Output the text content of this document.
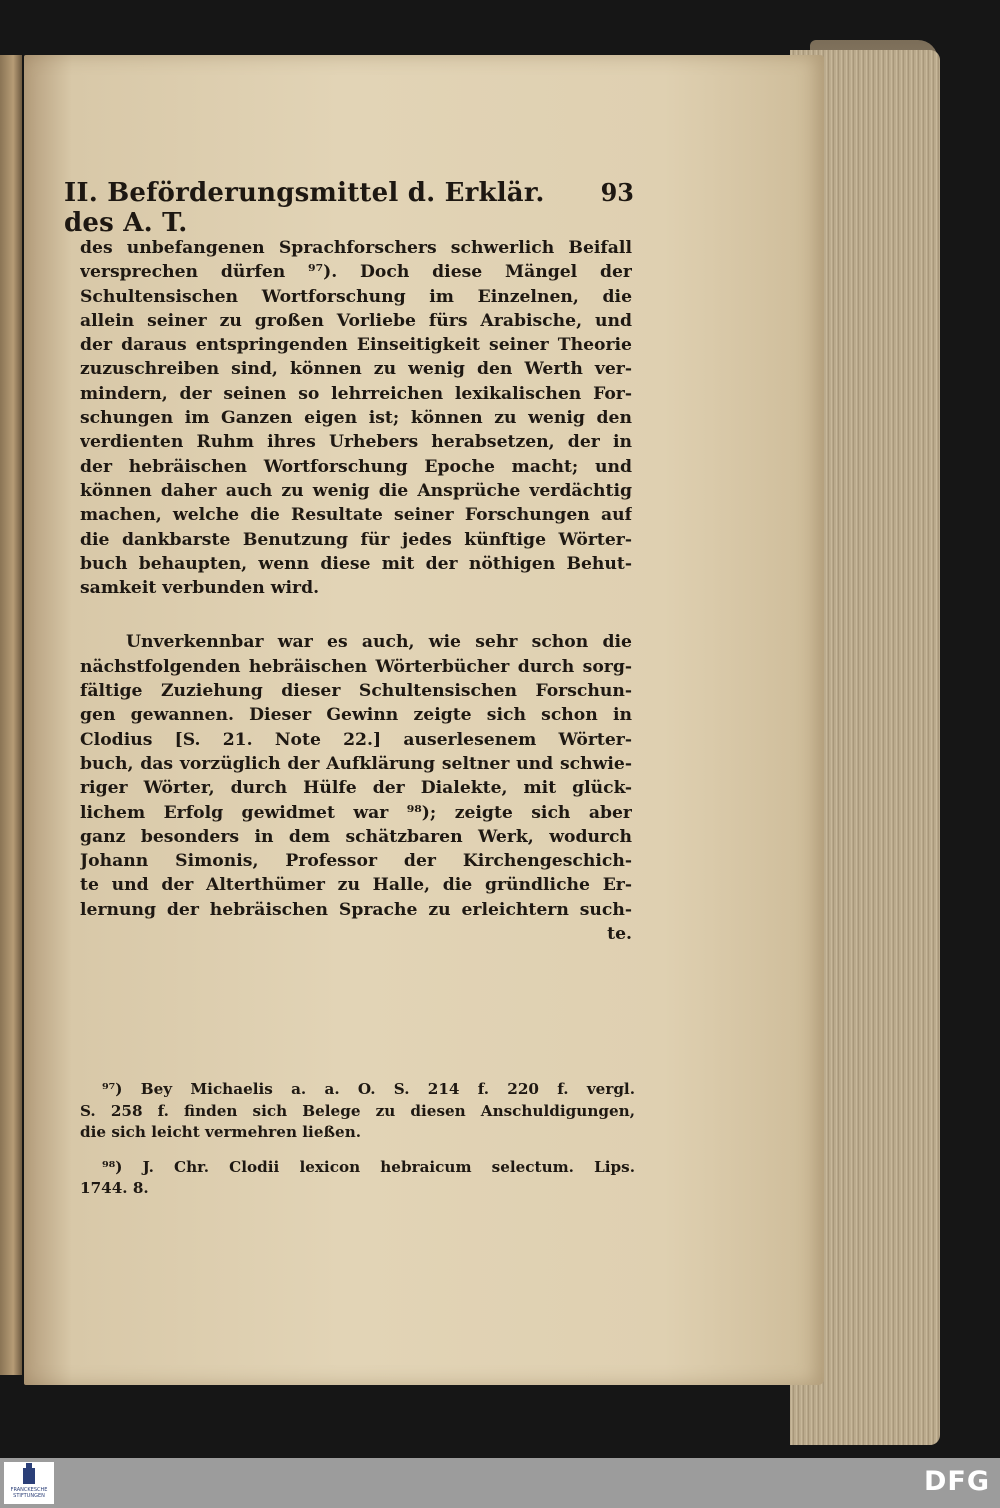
II. Beförderungsmittel d. Erklär. des A. T.
93
des unbefangenen Sprachforschers schwerlich Beifall
versprechen dürfen ⁹⁷). Doch diese Mängel der
Schultensischen Wortforschung im Einzelnen, die
allein seiner zu großen Vorliebe fürs Arabische, und
der daraus entspringenden Einseitigkeit seiner Theorie
zuzuschreiben sind, können zu wenig den Werth ver-
mindern, der seinen so lehrreichen lexikalischen For-
schungen im Ganzen eigen ist; können zu wenig den
verdienten Ruhm ihres Urhebers herabsetzen, der in
der hebräischen Wortforschung Epoche macht; und
können daher auch zu wenig die Ansprüche verdächtig
machen, welche die Resultate seiner Forschungen auf
die dankbarste Benutzung für jedes künftige Wörter-
buch behaupten, wenn diese mit der nöthigen Behut-
samkeit verbunden wird.
Unverkennbar war es auch, wie sehr schon die
nächstfolgenden hebräischen Wörterbücher durch sorg-
fältige Zuziehung dieser Schultensischen Forschun-
gen gewannen. Dieser Gewinn zeigte sich schon in
Clodius [S. 21. Note 22.] auserlesenem Wörter-
buch, das vorzüglich der Aufklärung seltner und schwie-
riger Wörter, durch Hülfe der Dialekte, mit glück-
lichem Erfolg gewidmet war ⁹⁸); zeigte sich aber
ganz besonders in dem schätzbaren Werk, wodurch
Johann Simonis, Professor der Kirchengeschich-
te und der Alterthümer zu Halle, die gründliche Er-
lernung der hebräischen Sprache zu erleichtern such-
te.
⁹⁷) Bey Michaelis a. a. O. S. 214 f. 220 f. vergl.
S. 258 f. finden sich Belege zu diesen Anschuldigungen,
die sich leicht vermehren ließen.
⁹⁸) J. Chr. Clodii lexicon hebraicum selectum. Lips.
1744. 8.
FRANCKESCHE STIFTUNGEN	DFG
